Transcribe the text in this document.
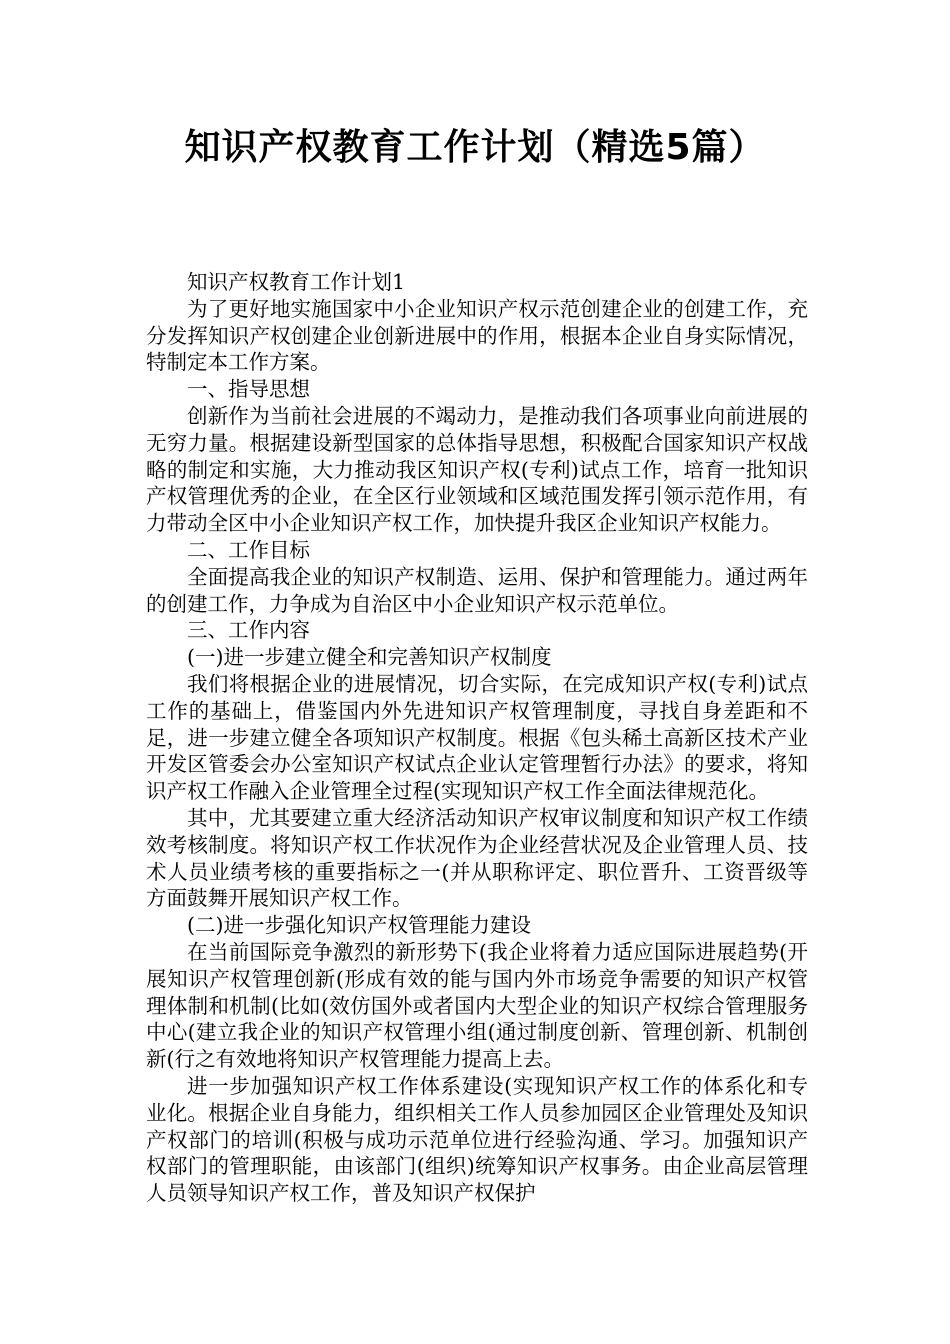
知识产权教育工作计划（精选5篇）

知识产权教育工作计划1

为了更好地实施国家中小企业知识产权示范创建企业的创建工作，充分发挥知识产权创建企业创新进展中的作用，根据本企业自身实际情况，特制定本工作方案。

一、指导思想

创新作为当前社会进展的不竭动力，是推动我们各项事业向前进展的无穷力量。根据建设新型国家的总体指导思想，积极配合国家知识产权战略的制定和实施，大力推动我区知识产权(专利)试点工作，培育一批知识产权管理优秀的企业，在全区行业领域和区域范围发挥引领示范作用，有力带动全区中小企业知识产权工作，加快提升我区企业知识产权能力。

二、工作目标

全面提高我企业的知识产权制造、运用、保护和管理能力。通过两年的创建工作，力争成为自治区中小企业知识产权示范单位。

三、工作内容

(一)进一步建立健全和完善知识产权制度

我们将根据企业的进展情况，切合实际，在完成知识产权(专利)试点工作的基础上，借鉴国内外先进知识产权管理制度，寻找自身差距和不足，进一步建立健全各项知识产权制度。根据《包头稀土高新区技术产业开发区管委会办公室知识产权试点企业认定管理暂行办法》的要求，将知识产权工作融入企业管理全过程(实现知识产权工作全面法律规范化。

其中，尤其要建立重大经济活动知识产权审议制度和知识产权工作绩效考核制度。将知识产权工作状况作为企业经营状况及企业管理人员、技术人员业绩考核的重要指标之一(并从职称评定、职位晋升、工资晋级等方面鼓舞开展知识产权工作。

(二)进一步强化知识产权管理能力建设

在当前国际竞争激烈的新形势下(我企业将着力适应国际进展趋势(开展知识产权管理创新(形成有效的能与国内外市场竞争需要的知识产权管理体制和机制(比如(效仿国外或者国内大型企业的知识产权综合管理服务中心(建立我企业的知识产权管理小组(通过制度创新、管理创新、机制创新(行之有效地将知识产权管理能力提高上去。

进一步加强知识产权工作体系建设(实现知识产权工作的体系化和专业化。根据企业自身能力，组织相关工作人员参加园区企业管理处及知识产权部门的培训(积极与成功示范单位进行经验沟通、学习。加强知识产权部门的管理职能，由该部门(组织)统筹知识产权事务。由企业高层管理人员领导知识产权工作，普及知识产权保护
